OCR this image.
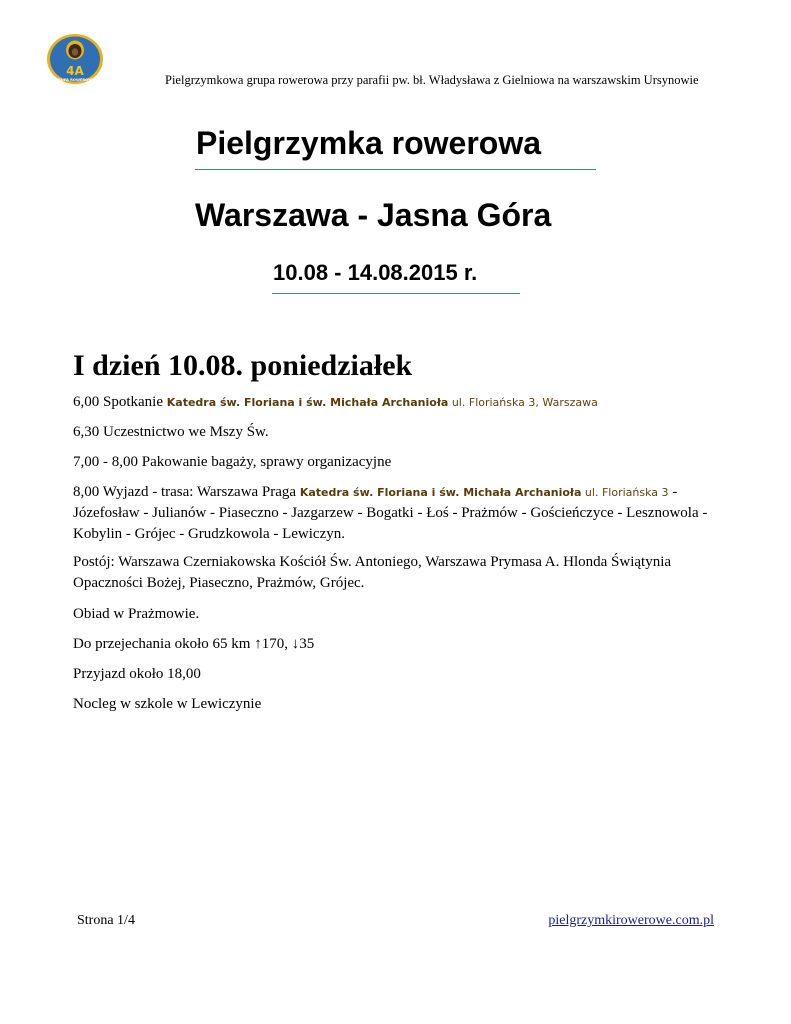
4A
GRUPA ROWEROWA	Pielgrzymkowa grupa rowerowa przy parafii pw. bł. Władysława z Gielniowa na warszawskim Ursynowie
Pielgrzymka rowerowa
Warszawa - Jasna Góra
10.08 - 14.08.2015 r.
I dzień 10.08. poniedziałek

6,00 Spotkanie Katedra św. Floriana i św. Michała Archanioła ul. Floriańska 3, Warszawa

6,30 Uczestnictwo we Mszy Św.

7,00 - 8,00 Pakowanie bagaży, sprawy organizacyjne

8,00 Wyjazd - trasa: Warszawa Praga Katedra św. Floriana i św. Michała Archanioła ul. Floriańska 3 - Józefosław - Julianów - Piaseczno - Jazgarzew - Bogatki - Łoś - Prażmów - Gościeńczyce - Lesznowola - Kobylin - Grójec - Grudzkowola - Lewiczyn.

Postój: Warszawa Czerniakowska Kościół Św. Antoniego, Warszawa Prymasa A. Hlonda Świątynia Opaczności Bożej, Piaseczno, Prażmów, Grójec.

Obiad w Prażmowie.

Do przejechania około 65 km ↑170, ↓35

Przyjazd około 18,00

Nocleg w szkole w Lewiczynie

Strona 1/4	pielgrzymkirowerowe.com.pl
